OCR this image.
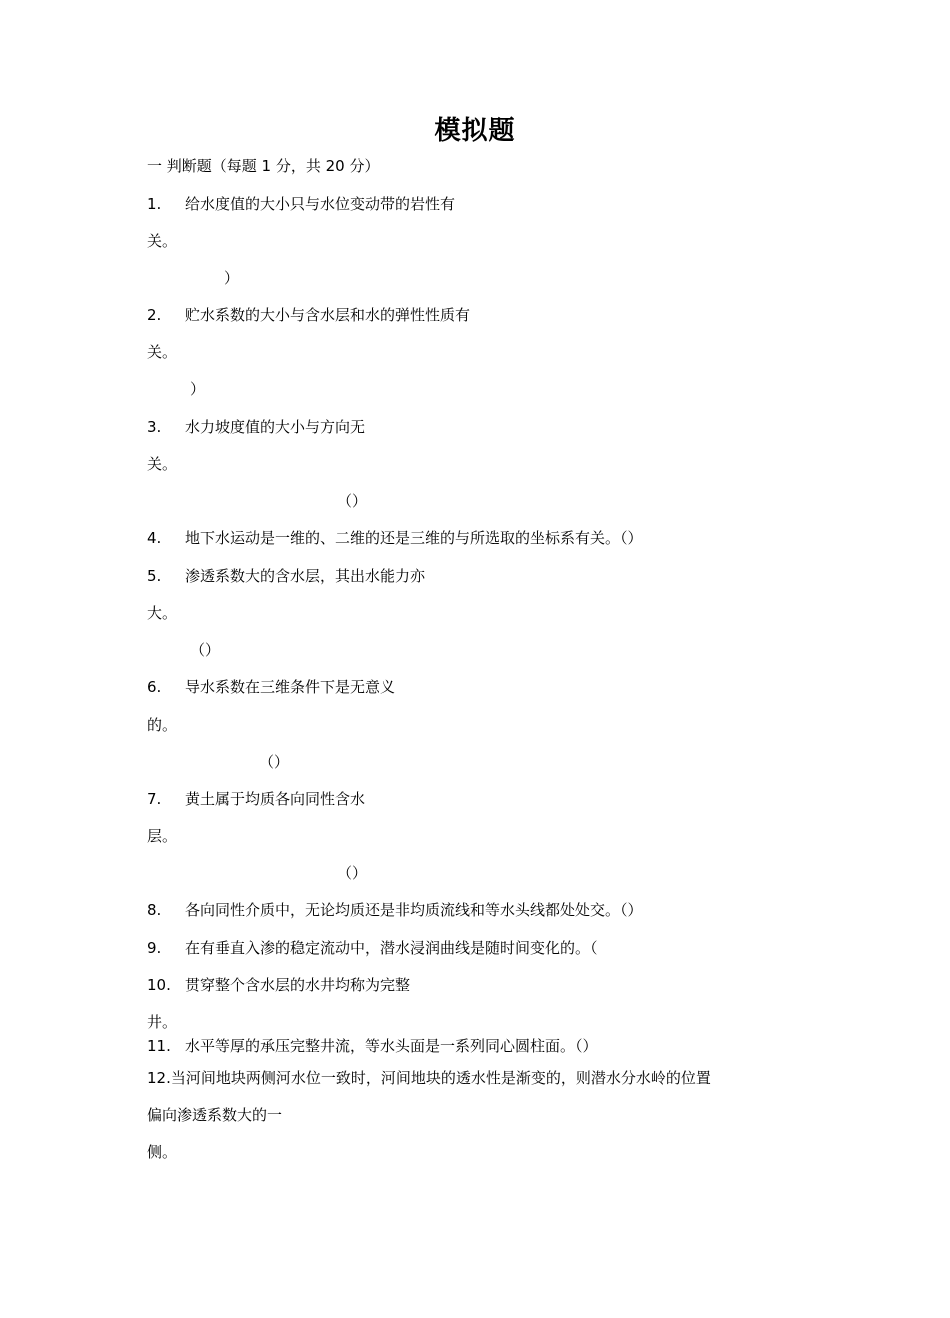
模拟题
一 判断题（每题 1 分，共 20 分）
1. 给水度值的大小只与水位变动带的岩性有
关。
）
2. 贮水系数的大小与含水层和水的弹性性质有
关。
）
3. 水力坡度值的大小与方向无
关。
（）
4. 地下水运动是一维的、二维的还是三维的与所选取的坐标系有关。（）
5. 渗透系数大的含水层，其出水能力亦
大。
（）
6. 导水系数在三维条件下是无意义
的。
（）
7. 黄土属于均质各向同性含水
层。
（）
8. 各向同性介质中，无论均质还是非均质流线和等水头线都处处交。（）
9. 在有垂直入渗的稳定流动中，潜水浸润曲线是随时间变化的。（
10. 贯穿整个含水层的水井均称为完整
井。
11. 水平等厚的承压完整井流，等水头面是一系列同心圆柱面。（）
12.当河间地块两侧河水位一致时，河间地块的透水性是渐变的，则潜水分水岭的位置
偏向渗透系数大的一
侧。
